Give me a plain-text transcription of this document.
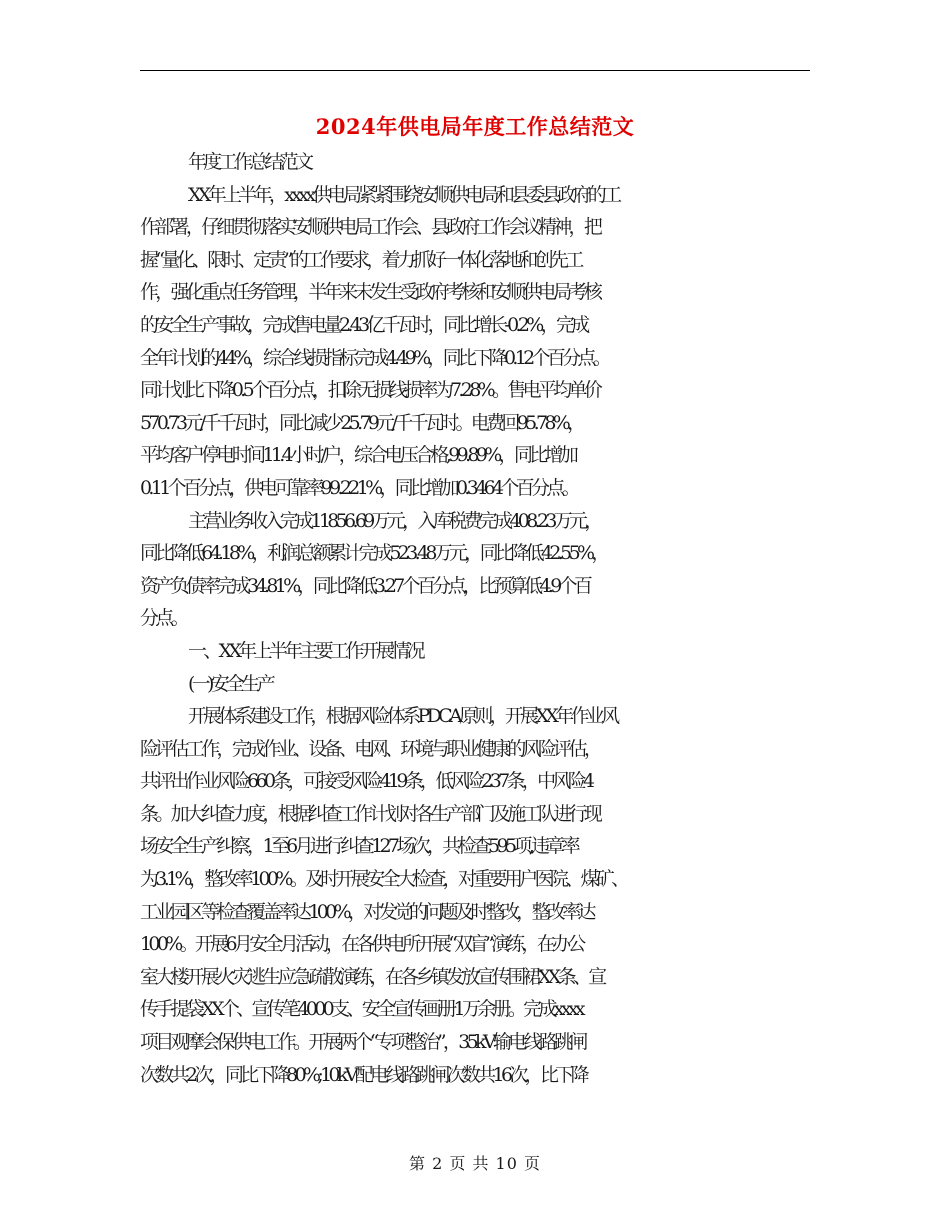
2024年供电局年度工作总结范文
年度工作总结范文
XX年上半年，xxxx供电局紧紧围绕安顺供电局和县委县政府的工
作部署，仔细贯彻落实安顺供电局工作会、县政府工作会议精神，把
握“量化、限时、定责”的工作要求，着力抓好一体化落地和创先工
作，强化重点任务管理，半年来未发生受政府考核和安顺供电局考核
的安全生产事故，完成售电量2.43亿千瓦时，同比增长-0.2%，完成
全年计划的44%，综合线损指标完成4.49%，同比下降0.12个百分点。
同计划比下降0.5个百分点，扣除无损线损率为7.28%。售电平均单价
570.73元/千千瓦时，同比减少25.79元/千千瓦时。电费回95.78%，
平均客户停电时间11.4小时/户，综合电压合格,99.89%，同比增加
0.11个百分点，供电可靠率99.221%，同比增加0.3464个百分点。
主营业务收入完成11856.69万元，入库税费完成408.23万元，
同比降低64.18%，利润总额累计完成523.48万元，同比降低42.55%，
资产负债率完成34.81%，同比降低3.27个百分点，比预算低4.9个百
分点。
一、XX年上半年主要工作开展情况
(一)安全生产
开展体系建设工作，根据风险体系PDCA原则，开展XX年作业风
险评估工作，完成作业、设备、电网、环境与职业健康的风险评估，
共评出作业风险660条，可接受风险419条，低风险237条，中风险4
条。加大纠查力度，根据纠查工作计划对各生产部门及施工队进行现
场安全生产纠察，1至6月进行纠查127场次，共检查595项,违章率
为3.1%，整改率100%。及时开展安全大检查，对重要用户医院、煤矿、
工业园区等检查覆盖率达100%，对发觉的问题及时整改，整改率达
100%。开展6月安全月活动，在各供电所开展“双盲”演练，在办公
室大楼开展火灾逃生应急疏散演练，在各乡镇发放宣传围裙XX条、宣
传手提袋XX个、宣传笔4000支、安全宣传画册1万余册。完成xxxx
项目观摩会保供电工作。开展两个“专项整治”，35kV输电线路跳闸
次数共2次，同比下降80%;10kV配电线路跳闸次数共16次，比下降
第 2 页 共 10 页
